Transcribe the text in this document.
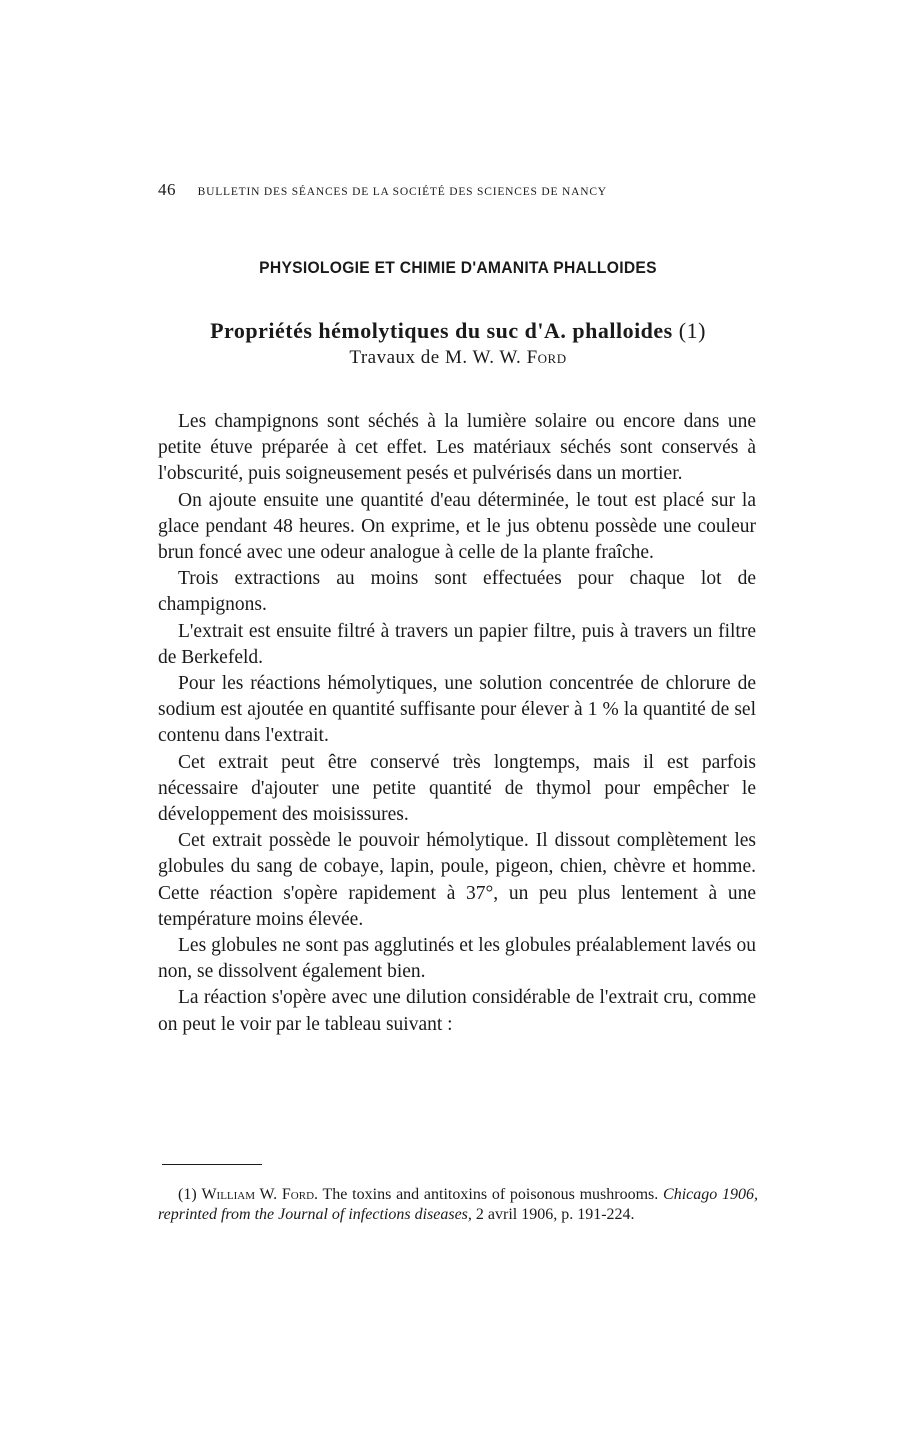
46 BULLETIN DES SÉANCES DE LA SOCIÉTÉ DES SCIENCES DE NANCY
PHYSIOLOGIE ET CHIMIE D'AMANITA PHALLOIDES
Propriétés hémolytiques du suc d'A. phalloides (1)
Travaux de M. W. W. Ford

Les champignons sont séchés à la lumière solaire ou encore dans une petite étuve préparée à cet effet. Les matériaux séchés sont conservés à l'obscurité, puis soigneusement pesés et pulvérisés dans un mortier.

On ajoute ensuite une quantité d'eau déterminée, le tout est placé sur la glace pendant 48 heures. On exprime, et le jus obtenu possède une couleur brun foncé avec une odeur analogue à celle de la plante fraîche.

Trois extractions au moins sont effectuées pour chaque lot de champignons.

L'extrait est ensuite filtré à travers un papier filtre, puis à travers un filtre de Berkefeld.

Pour les réactions hémolytiques, une solution concentrée de chlorure de sodium est ajoutée en quantité suffisante pour élever à 1 % la quantité de sel contenu dans l'extrait.

Cet extrait peut être conservé très longtemps, mais il est parfois nécessaire d'ajouter une petite quantité de thymol pour empêcher le développement des moisissures.

Cet extrait possède le pouvoir hémolytique. Il dissout complètement les globules du sang de cobaye, lapin, poule, pigeon, chien, chèvre et homme. Cette réaction s'opère rapidement à 37°, un peu plus lentement à une température moins élevée.

Les globules ne sont pas agglutinés et les globules préalablement lavés ou non, se dissolvent également bien.

La réaction s'opère avec une dilution considérable de l'extrait cru, comme on peut le voir par le tableau suivant :

(1) William W. Ford. The toxins and antitoxins of poisonous mushrooms. Chicago 1906, reprinted from the Journal of infections diseases, 2 avril 1906, p. 191-224.
